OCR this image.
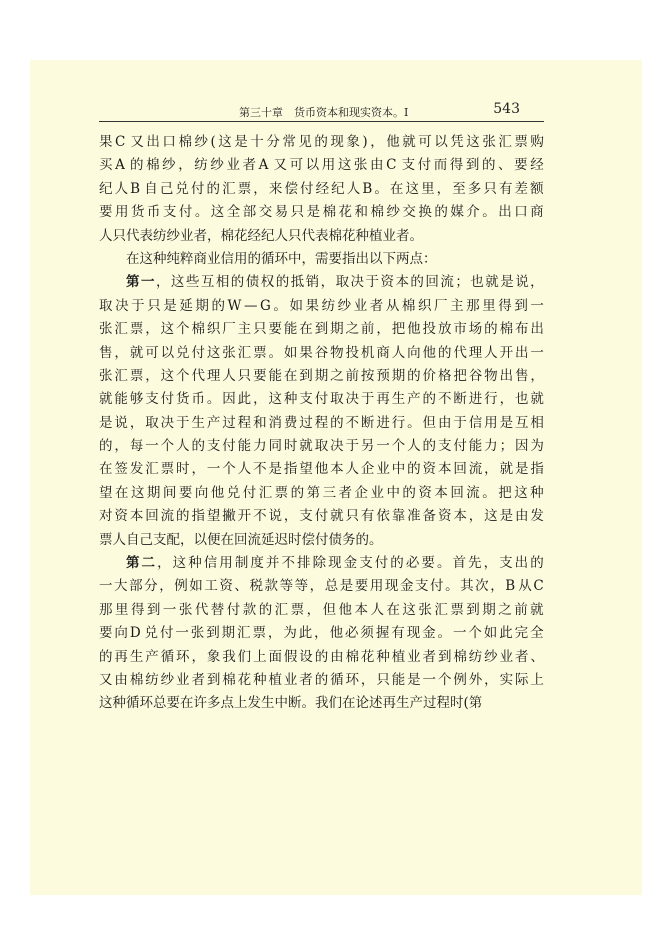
第三十章　货币资本和现实资本。Ⅰ	543
果 C 又 出 口 棉 纱 ( 这 是 十 分 常 见 的 现 象 ) ， 他 就 可 以 凭 这 张 汇 票 购
买 A 的 棉 纱 ， 纺 纱 业 者 A 又 可 以 用 这 张 由 C 支 付 而 得 到 的 、 要 经
纪 人 B 自 己 兑 付 的 汇 票 ， 来 偿 付 经 纪 人 B 。 在 这 里 ， 至 多 只 有 差 额
要 用 货 币 支 付 。 这 全 部 交 易 只 是 棉 花 和 棉 纱 交 换 的 媒 介 。 出 口 商
人只代表纺纱业者，棉花经纪人只代表棉花种植业者。
在这种纯粹商业信用的循环中，需要指出以下两点：
第 一 ， 这 些 互 相 的 债 权 的 抵 销 ， 取 决 于 资 本 的 回 流 ； 也 就 是 说 ，
取 决 于 只 是 延 期 的 W — G 。 如 果 纺 纱 业 者 从 棉 织 厂 主 那 里 得 到 一
张 汇 票 ， 这 个 棉 织 厂 主 只 要 能 在 到 期 之 前 ， 把 他 投 放 市 场 的 棉 布 出
售 ， 就 可 以 兑 付 这 张 汇 票 。 如 果 谷 物 投 机 商 人 向 他 的 代 理 人 开 出 一
张 汇 票 ， 这 个 代 理 人 只 要 能 在 到 期 之 前 按 预 期 的 价 格 把 谷 物 出 售 ，
就 能 够 支 付 货 币 。 因 此 ， 这 种 支 付 取 决 于 再 生 产 的 不 断 进 行 ， 也 就
是 说 ， 取 决 于 生 产 过 程 和 消 费 过 程 的 不 断 进 行 。 但 由 于 信 用 是 互 相
的 ， 每 一 个 人 的 支 付 能 力 同 时 就 取 决 于 另 一 个 人 的 支 付 能 力 ； 因 为
在 签 发 汇 票 时 ， 一 个 人 不 是 指 望 他 本 人 企 业 中 的 资 本 回 流 ， 就 是 指
望 在 这 期 间 要 向 他 兑 付 汇 票 的 第 三 者 企 业 中 的 资 本 回 流 。 把 这 种
对 资 本 回 流 的 指 望 撇 开 不 说 ， 支 付 就 只 有 依 靠 准 备 资 本 ， 这 是 由 发
票人自己支配，以便在回流延迟时偿付债务的。
第 二 ， 这 种 信 用 制 度 并 不 排 除 现 金 支 付 的 必 要 。 首 先 ， 支 出 的
一 大 部 分 ， 例 如 工 资 、 税 款 等 等 ， 总 是 要 用 现 金 支 付 。 其 次 ， B 从 C
那 里 得 到 一 张 代 替 付 款 的 汇 票 ， 但 他 本 人 在 这 张 汇 票 到 期 之 前 就
要 向 D 兑 付 一 张 到 期 汇 票 ， 为 此 ， 他 必 须 握 有 现 金 。 一 个 如 此 完 全
的 再 生 产 循 环 ， 象 我 们 上 面 假 设 的 由 棉 花 种 植 业 者 到 棉 纺 纱 业 者 、
又 由 棉 纺 纱 业 者 到 棉 花 种 植 业 者 的 循 环 ， 只 能 是 一 个 例 外 ， 实 际 上
这种循环总要在许多点上发生中断。我们在论述再生产过程时(第
